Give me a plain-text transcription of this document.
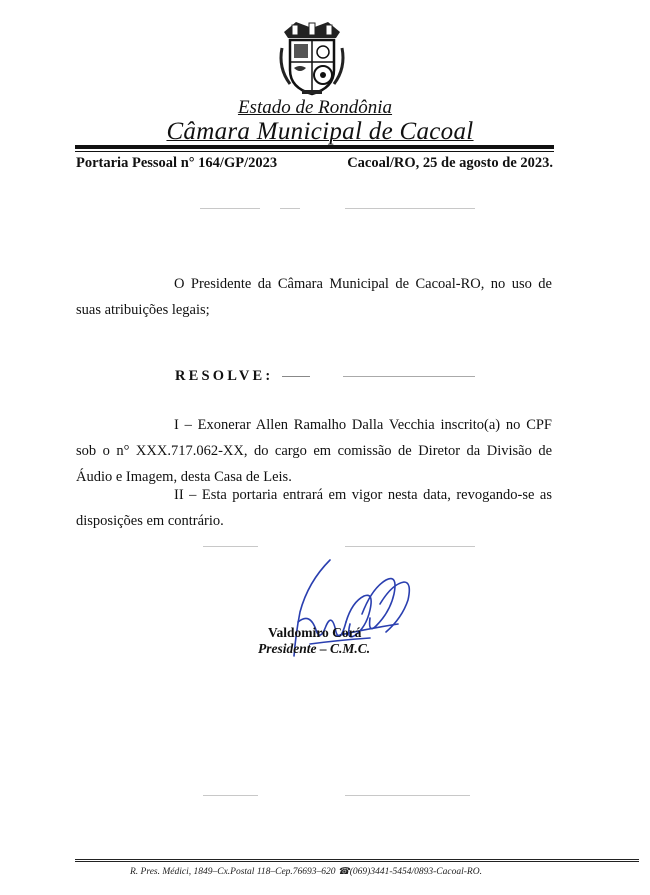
Estado de Rondônia
Câmara Municipal de Cacoal
Portaria Pessoal n° 164/GP/2023	Cacoal/RO, 25 de agosto de 2023.
O Presidente da Câmara Municipal de Cacoal-RO, no uso de suas atribuições legais;
RESOLVE:
I – Exonerar Allen Ramalho Dalla Vecchia inscrito(a) no CPF sob o n° XXX.717.062-XX, do cargo em comissão de Diretor da Divisão de Áudio e Imagem, desta Casa de Leis.
II – Esta portaria entrará em vigor nesta data, revogando-se as disposições em contrário.
Valdomiro Corá
Presidente – C.M.C.
R. Pres. Médici, 1849–Cx.Postal 118–Cep.76693–620 ☎(069)3441-5454/0893-Cacoal-RO.
